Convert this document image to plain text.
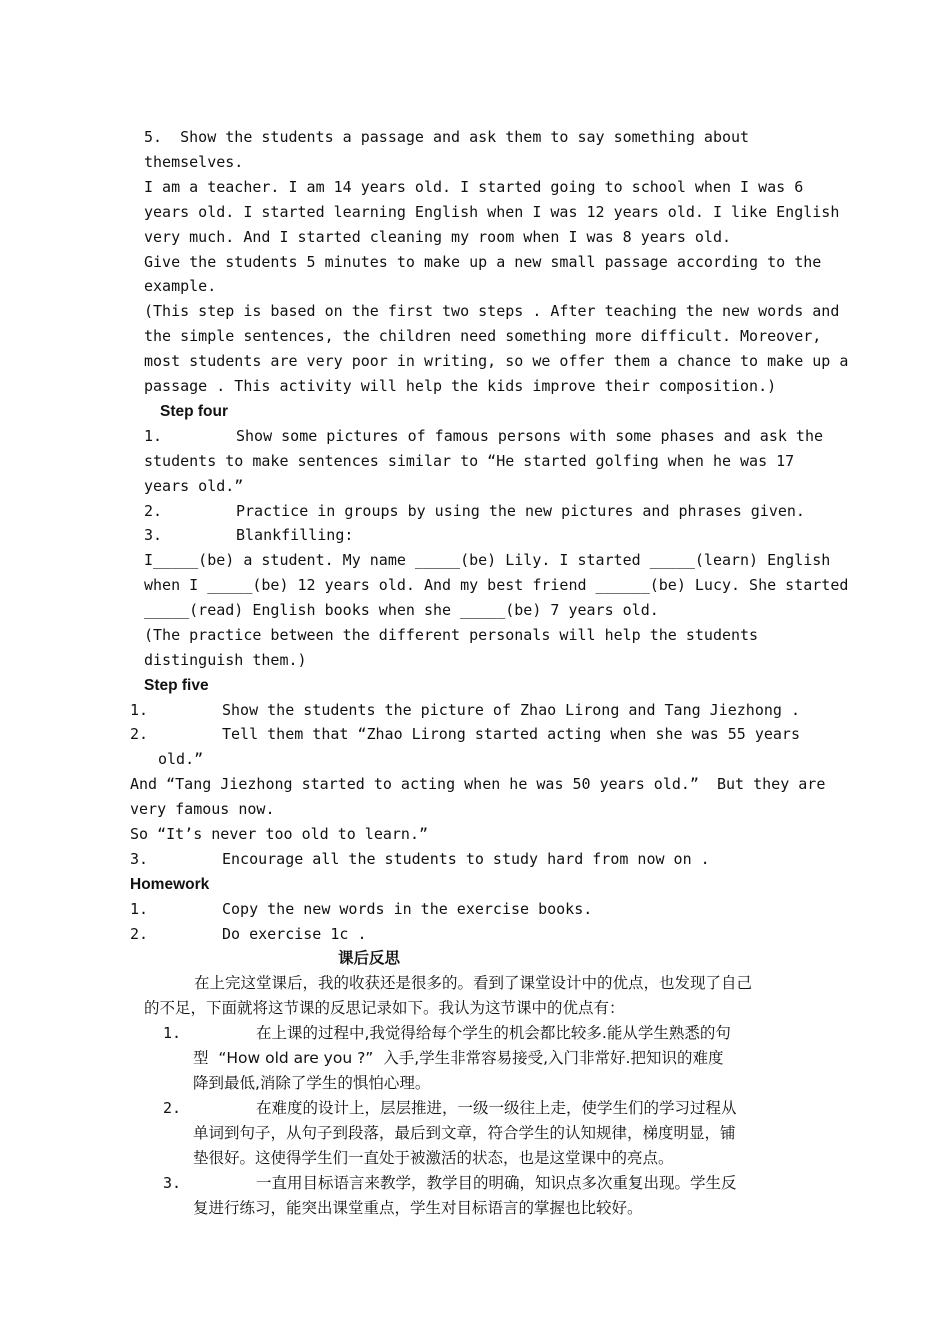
5.  Show the students a passage and ask them to say something about
themselves.
I am a teacher. I am 14 years old. I started going to school when I was 6
years old. I started learning English when I was 12 years old. I like English
very much. And I started cleaning my room when I was 8 years old.
Give the students 5 minutes to make up a new small passage according to the
example.
(This step is based on the first two steps . After teaching the new words and
the simple sentences, the children need something more difficult. Moreover,
most students are very poor in writing, so we offer them a chance to make up a
passage . This activity will help the kids improve their composition.)
Step four
1.	Show some pictures of famous persons with some phases and ask the
students to make sentences similar to “He started golfing when he was 17
years old.”
2.	Practice in groups by using the new pictures and phrases given.
3.	Blankfilling:
I_____(be) a student. My name _____(be) Lily. I started _____(learn) English
when I _____(be) 12 years old. And my best friend ______(be) Lucy. She started
_____(read) English books when she _____(be) 7 years old.
(The practice between the different personals will help the students
distinguish them.)
Step five
1.	Show the students the picture of Zhao Lirong and Tang Jiezhong .
2.	Tell them that “Zhao Lirong started acting when she was 55 years
old.”
And “Tang Jiezhong started to acting when he was 50 years old.”  But they are
very famous now.
So “It’s never too old to learn.”
3.	Encourage all the students to study hard from now on .
Homework
1.	Copy the new words in the exercise books.
2.	Do exercise 1c .
课后反思
在上完这堂课后，我的收获还是很多的。看到了课堂设计中的优点，也发现了自己
的不足，下面就将这节课的反思记录如下。我认为这节课中的优点有：
1.	在上课的过程中,我觉得给每个学生的机会都比较多.能从学生熟悉的句
型  “How old are you ?”  入手,学生非常容易接受,入门非常好.把知识的难度
降到最低,消除了学生的惧怕心理。
2.	在难度的设计上，层层推进，一级一级往上走，使学生们的学习过程从
单词到句子，从句子到段落，最后到文章，符合学生的认知规律，梯度明显，铺
垫很好。这使得学生们一直处于被激活的状态，也是这堂课中的亮点。
3.	一直用目标语言来教学，教学目的明确，知识点多次重复出现。学生反
复进行练习，能突出课堂重点，学生对目标语言的掌握也比较好。
